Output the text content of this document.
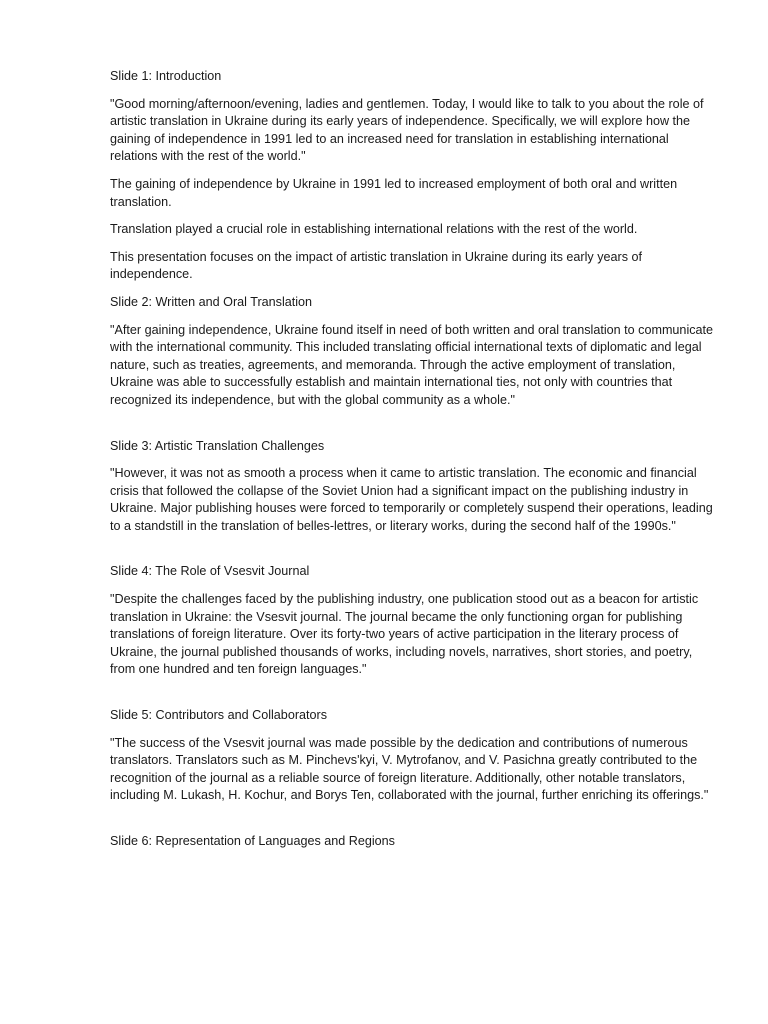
Slide 1: Introduction

"Good morning/afternoon/evening, ladies and gentlemen. Today, I would like to talk to you about the role of artistic translation in Ukraine during its early years of independence. Specifically, we will explore how the gaining of independence in 1991 led to an increased need for translation in establishing international relations with the rest of the world."

The gaining of independence by Ukraine in 1991 led to increased employment of both oral and written translation.

Translation played a crucial role in establishing international relations with the rest of the world.

This presentation focuses on the impact of artistic translation in Ukraine during its early years of independence.

Slide 2: Written and Oral Translation

"After gaining independence, Ukraine found itself in need of both written and oral translation to communicate with the international community. This included translating official international texts of diplomatic and legal nature, such as treaties, agreements, and memoranda. Through the active employment of translation, Ukraine was able to successfully establish and maintain international ties, not only with countries that recognized its independence, but with the global community as a whole."

Slide 3: Artistic Translation Challenges

"However, it was not as smooth a process when it came to artistic translation. The economic and financial crisis that followed the collapse of the Soviet Union had a significant impact on the publishing industry in Ukraine. Major publishing houses were forced to temporarily or completely suspend their operations, leading to a standstill in the translation of belles-lettres, or literary works, during the second half of the 1990s."

Slide 4: The Role of Vsesvit Journal

"Despite the challenges faced by the publishing industry, one publication stood out as a beacon for artistic translation in Ukraine: the Vsesvit journal. The journal became the only functioning organ for publishing translations of foreign literature. Over its forty-two years of active participation in the literary process of Ukraine, the journal published thousands of works, including novels, narratives, short stories, and poetry, from one hundred and ten foreign languages."

Slide 5: Contributors and Collaborators

"The success of the Vsesvit journal was made possible by the dedication and contributions of numerous translators. Translators such as M. Pinchevs'kyi, V. Mytrofanov, and V. Pasichna greatly contributed to the recognition of the journal as a reliable source of foreign literature. Additionally, other notable translators, including M. Lukash, H. Kochur, and Borys Ten, collaborated with the journal, further enriching its offerings."

Slide 6: Representation of Languages and Regions
